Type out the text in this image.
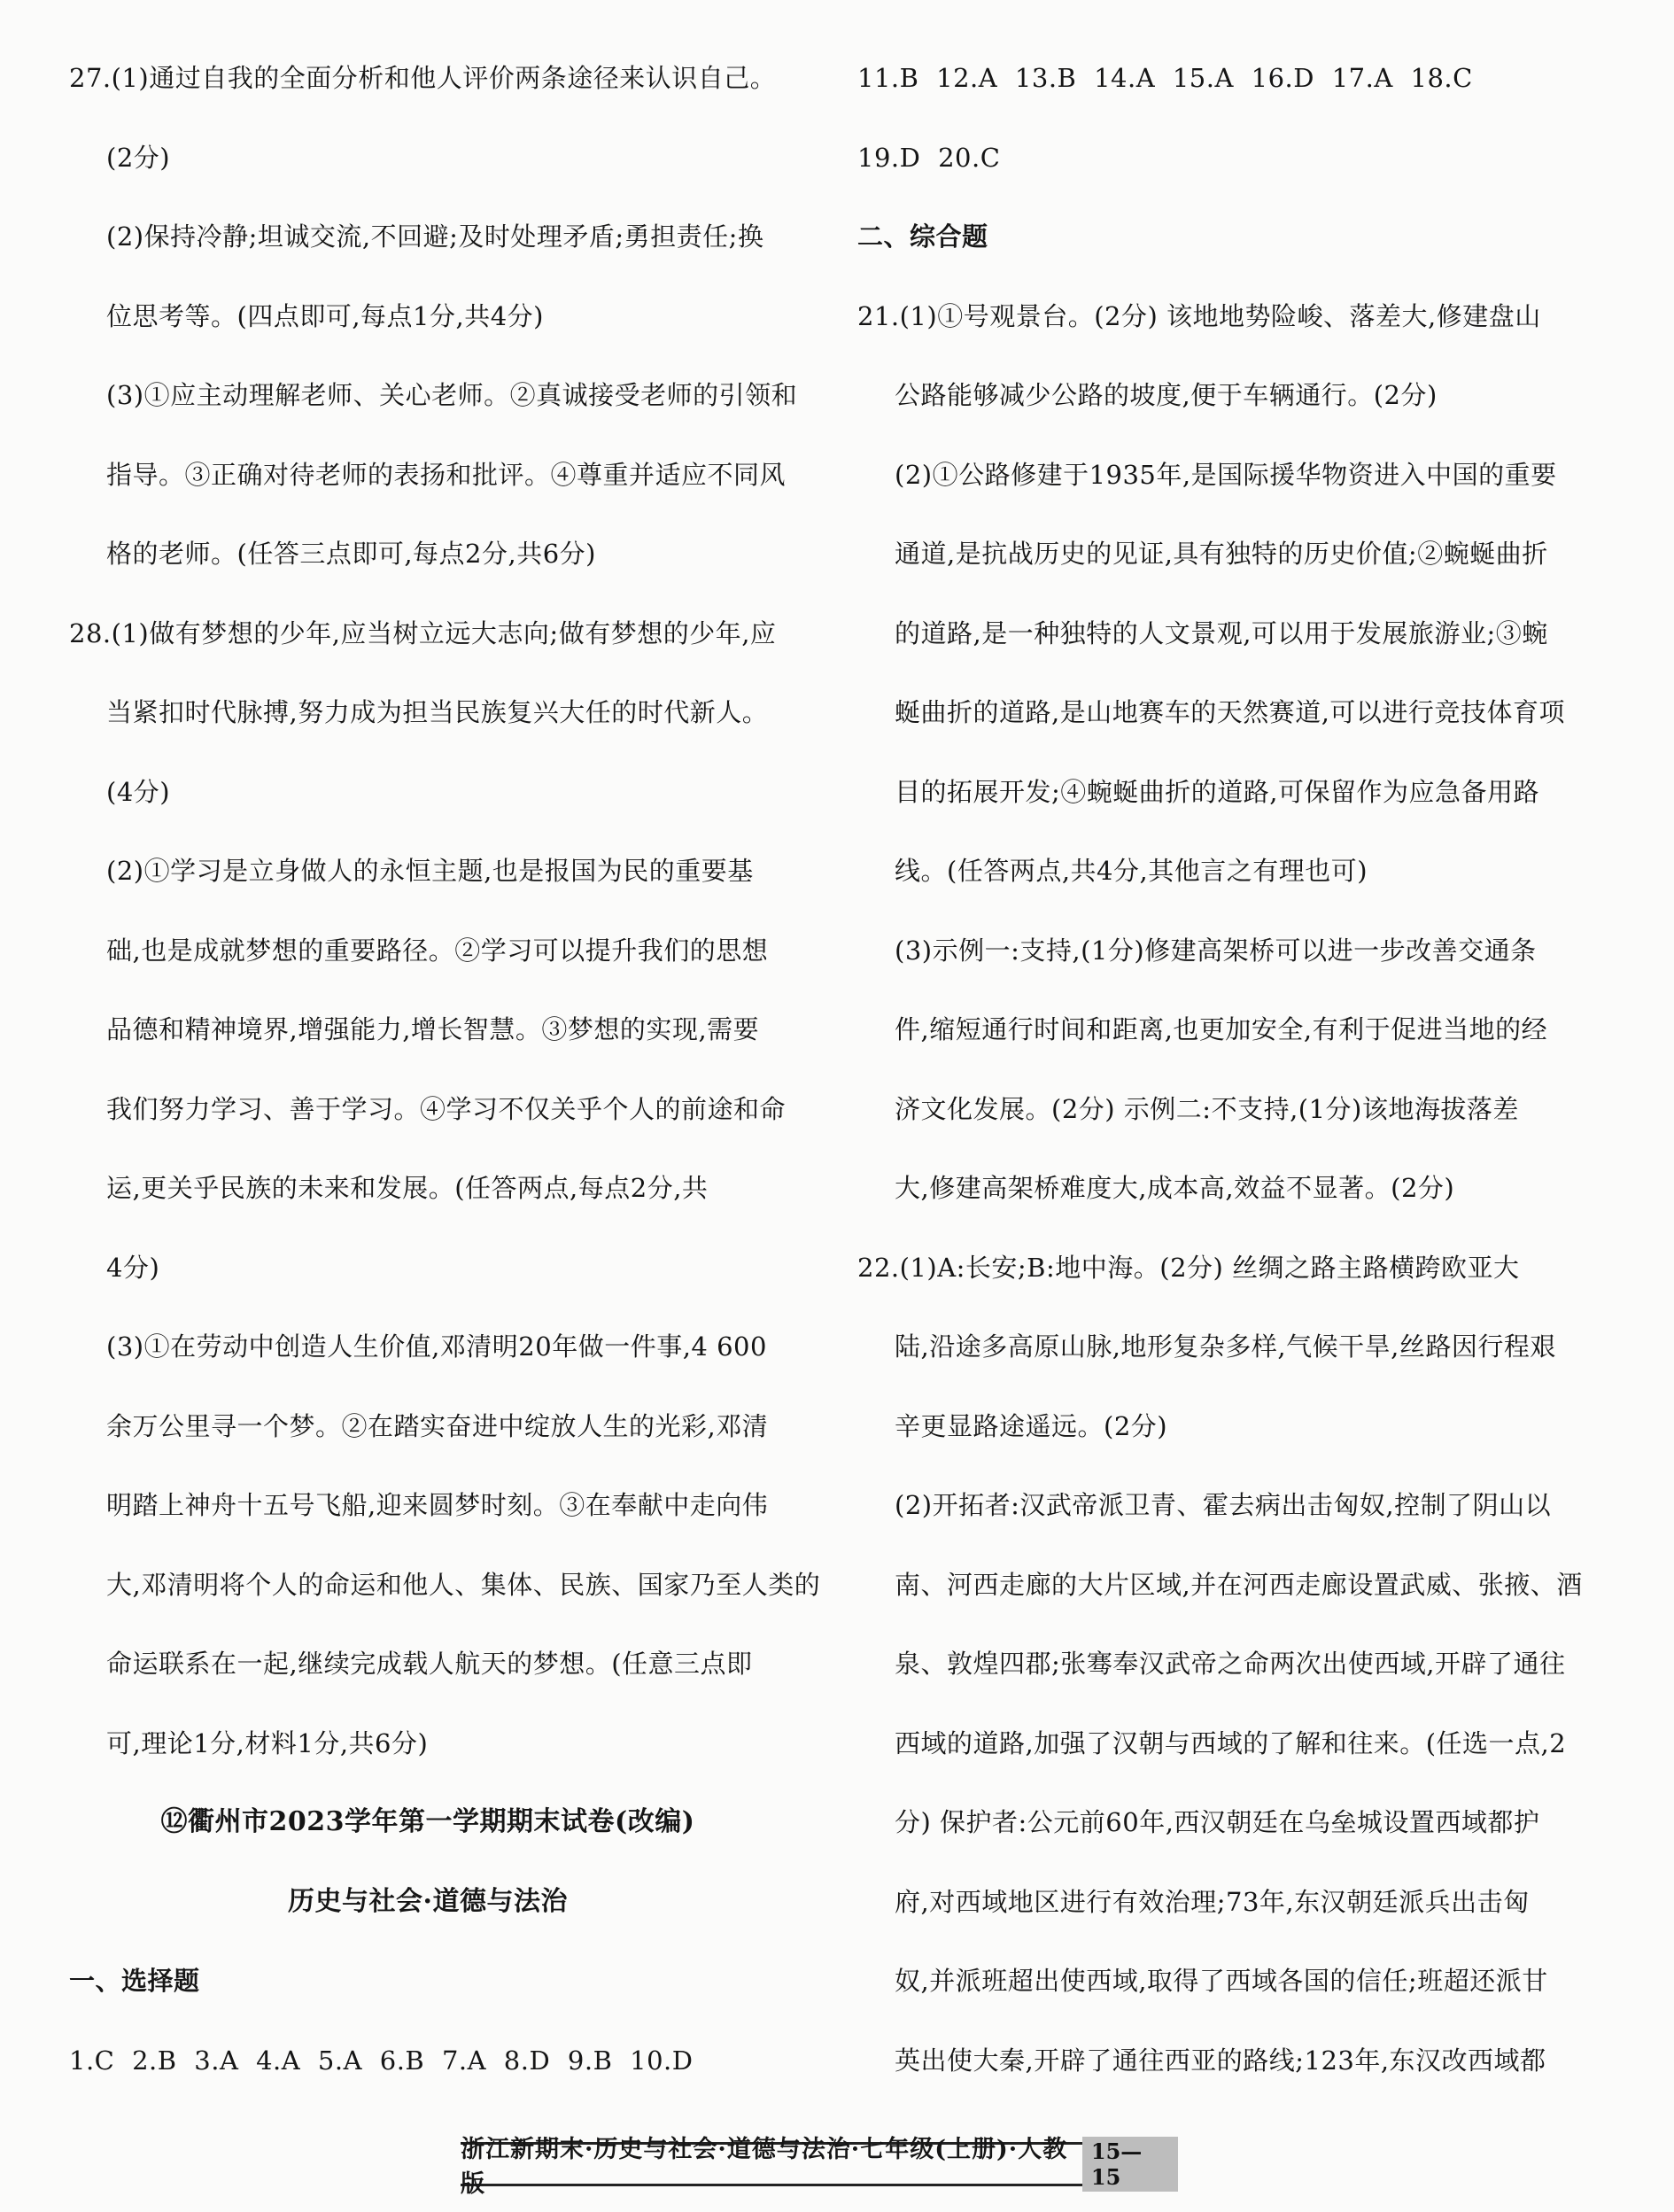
27.(1)通过自我的全面分析和他人评价两条途径来认识自己。
(2分)
(2)保持冷静;坦诚交流,不回避;及时处理矛盾;勇担责任;换
位思考等。(四点即可,每点1分,共4分)
(3)①应主动理解老师、关心老师。②真诚接受老师的引领和
指导。③正确对待老师的表扬和批评。④尊重并适应不同风
格的老师。(任答三点即可,每点2分,共6分)
28.(1)做有梦想的少年,应当树立远大志向;做有梦想的少年,应
当紧扣时代脉搏,努力成为担当民族复兴大任的时代新人。
(4分)
(2)①学习是立身做人的永恒主题,也是报国为民的重要基
础,也是成就梦想的重要路径。②学习可以提升我们的思想
品德和精神境界,增强能力,增长智慧。③梦想的实现,需要
我们努力学习、善于学习。④学习不仅关乎个人的前途和命
运,更关乎民族的未来和发展。(任答两点,每点2分,共
4分)
(3)①在劳动中创造人生价值,邓清明20年做一件事,4 600
余万公里寻一个梦。②在踏实奋进中绽放人生的光彩,邓清
明踏上神舟十五号飞船,迎来圆梦时刻。③在奉献中走向伟
大,邓清明将个人的命运和他人、集体、民族、国家乃至人类的
命运联系在一起,继续完成载人航天的梦想。(任意三点即
可,理论1分,材料1分,共6分)
⑫衢州市2023学年第一学期期末试卷(改编)
历史与社会·道德与法治
一、选择题
1.C 2.B 3.A 4.A 5.A 6.B 7.A 8.D 9.B 10.D
11.B 12.A 13.B 14.A 15.A 16.D 17.A 18.C
19.D 20.C
二、综合题
21.(1)①号观景台。(2分) 该地地势险峻、落差大,修建盘山
公路能够减少公路的坡度,便于车辆通行。(2分)
(2)①公路修建于1935年,是国际援华物资进入中国的重要
通道,是抗战历史的见证,具有独特的历史价值;②蜿蜒曲折
的道路,是一种独特的人文景观,可以用于发展旅游业;③蜿
蜒曲折的道路,是山地赛车的天然赛道,可以进行竞技体育项
目的拓展开发;④蜿蜒曲折的道路,可保留作为应急备用路
线。(任答两点,共4分,其他言之有理也可)
(3)示例一:支持,(1分)修建高架桥可以进一步改善交通条
件,缩短通行时间和距离,也更加安全,有利于促进当地的经
济文化发展。(2分) 示例二:不支持,(1分)该地海拔落差
大,修建高架桥难度大,成本高,效益不显著。(2分)
22.(1)A:长安;B:地中海。(2分) 丝绸之路主路横跨欧亚大
陆,沿途多高原山脉,地形复杂多样,气候干旱,丝路因行程艰
辛更显路途遥远。(2分)
(2)开拓者:汉武帝派卫青、霍去病出击匈奴,控制了阴山以
南、河西走廊的大片区域,并在河西走廊设置武威、张掖、酒
泉、敦煌四郡;张骞奉汉武帝之命两次出使西域,开辟了通往
西域的道路,加强了汉朝与西域的了解和往来。(任选一点,2
分) 保护者:公元前60年,西汉朝廷在乌垒城设置西域都护
府,对西域地区进行有效治理;73年,东汉朝廷派兵出击匈
奴,并派班超出使西域,取得了西域各国的信任;班超还派甘
英出使大秦,开辟了通往西亚的路线;123年,东汉改西域都
浙江新期末·历史与社会·道德与法治·七年级(上册)·人教版
15—15
